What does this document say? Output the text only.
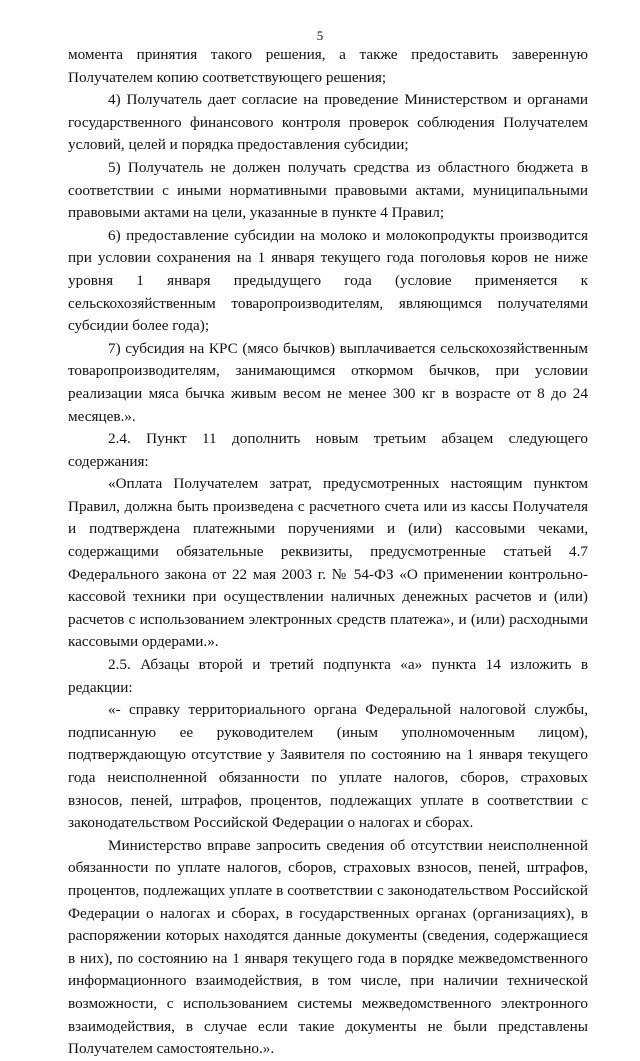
5

момента принятия такого решения, а также предоставить заверенную Получателем копию соответствующего решения;

4) Получатель дает согласие на проведение Министерством и органами государственного финансового контроля проверок соблюдения Получателем условий, целей и порядка предоставления субсидии;

5) Получатель не должен получать средства из областного бюджета в соответствии с иными нормативными правовыми актами, муниципальными правовыми актами на цели, указанные в пункте 4 Правил;

6) предоставление субсидии на молоко и молокопродукты производится при условии сохранения на 1 января текущего года поголовья коров не ниже уровня 1 января предыдущего года (условие применяется к сельскохозяйственным товаропроизводителям, являющимся получателями субсидии более года);

7) субсидия на КРС (мясо бычков) выплачивается сельскохозяйственным товаропроизводителям, занимающимся откормом бычков, при условии реализации мяса бычка живым весом не менее 300 кг в возрасте от 8 до 24 месяцев.».

2.4. Пункт 11 дополнить новым третьим абзацем следующего содержания:

«Оплата Получателем затрат, предусмотренных настоящим пунктом Правил, должна быть произведена с расчетного счета или из кассы Получателя и подтверждена платежными поручениями и (или) кассовыми чеками, содержащими обязательные реквизиты, предусмотренные статьей 4.7 Федерального закона от 22 мая 2003 г. № 54-ФЗ «О применении контрольно-кассовой техники при осуществлении наличных денежных расчетов и (или) расчетов с использованием электронных средств платежа», и (или) расходными кассовыми ордерами.».

2.5. Абзацы второй и третий подпункта «а» пункта 14 изложить в редакции:

«- справку территориального органа Федеральной налоговой службы, подписанную ее руководителем (иным уполномоченным лицом), подтверждающую отсутствие у Заявителя по состоянию на 1 января текущего года неисполненной обязанности по уплате налогов, сборов, страховых взносов, пеней, штрафов, процентов, подлежащих уплате в соответствии с законодательством Российской Федерации о налогах и сборах.

Министерство вправе запросить сведения об отсутствии неисполненной обязанности по уплате налогов, сборов, страховых взносов, пеней, штрафов, процентов, подлежащих уплате в соответствии с законодательством Российской Федерации о налогах и сборах, в государственных органах (организациях), в распоряжении которых находятся данные документы (сведения, содержащиеся в них), по состоянию на 1 января текущего года в порядке межведомственного информационного взаимодействия, в том числе, при наличии технической возможности, с использованием системы межведомственного электронного взаимодействия, в случае если такие документы не были представлены Получателем самостоятельно.».
